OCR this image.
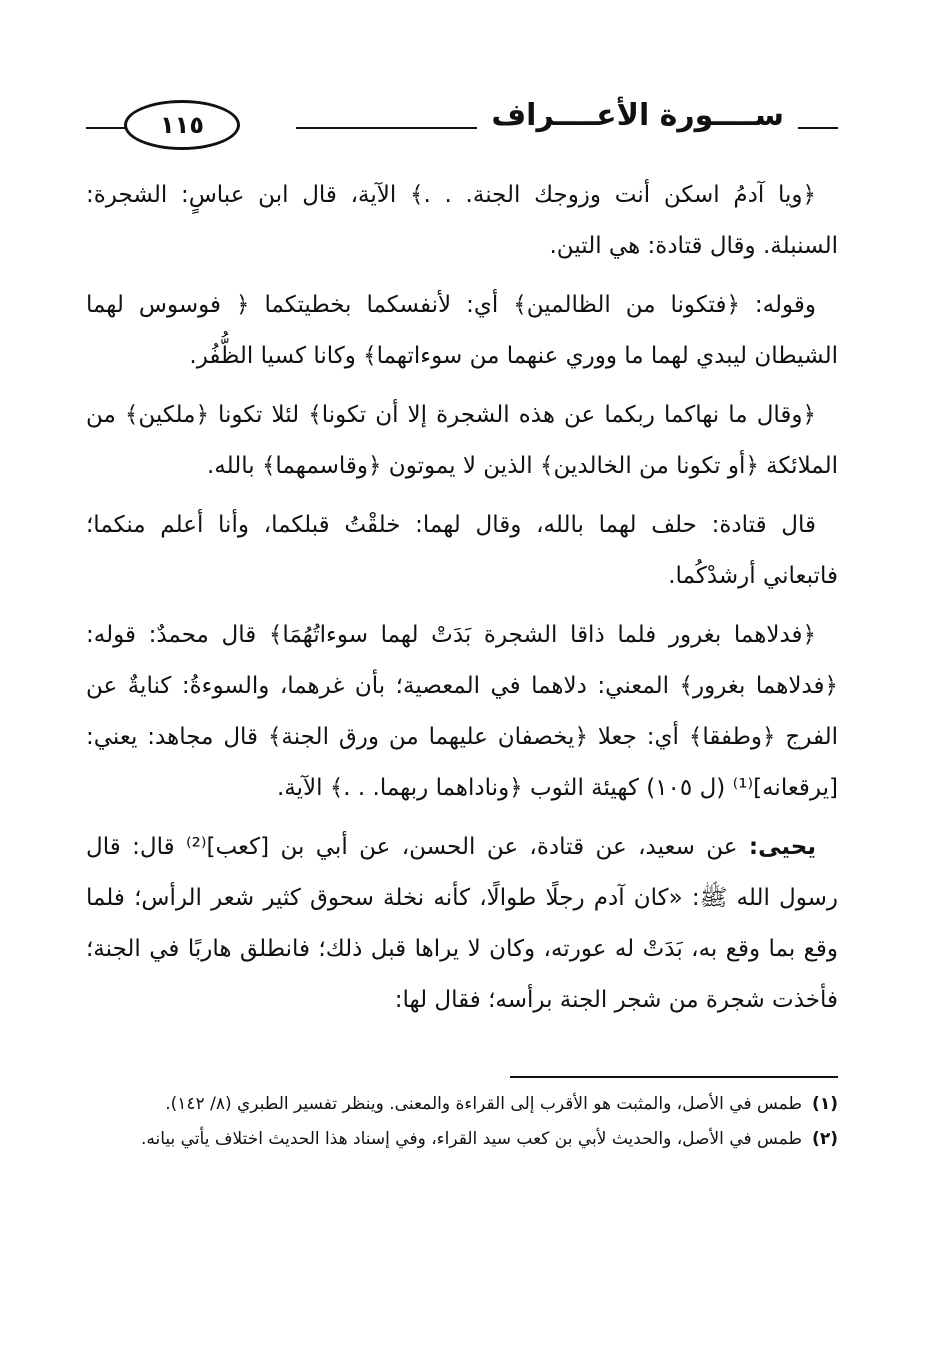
١١٥	ســــورة الأعــــراف

﴿ويا آدمُ اسكن أنت وزوجك الجنة. . .﴾ الآية، قال ابن عباسٍ: الشجرة: السنبلة. وقال قتادة: هي التين.

وقوله: ﴿فتكونا من الظالمين﴾ أي: لأنفسكما بخطيتكما ﴿ فوسوس لهما الشيطان ليبدي لهما ما ووري عنهما من سوءاتهما﴾ وكانا كسيا الظُّفُر.

﴿وقال ما نهاكما ربكما عن هذه الشجرة إلا أن تكونا﴾ لئلا تكونا ﴿ملكين﴾ من الملائكة ﴿أو تكونا من الخالدين﴾ الذين لا يموتون ﴿وقاسمهما﴾ بالله.

قال قتادة: حلف لهما بالله، وقال لهما: خلقْتُ قبلكما، وأنا أعلم منكما؛ فاتبعاني أرشدْكُما.

﴿فدلاهما بغرور فلما ذاقا الشجرة بَدَتْ لهما سوءاتُهُمَا﴾ قال محمدٌ: قوله: ﴿فدلاهما بغرور﴾ المعني: دلاهما في المعصية؛ بأن غرهما، والسوءةُ: كنايةٌ عن الفرج ﴿وطفقا﴾ أي: جعلا ﴿يخصفان عليهما من ورق الجنة﴾ قال مجاهد: يعني: [يرقعانه]⁽¹⁾ (ل ١٠٥) كهيئة الثوب ﴿وناداهما ربهما. . .﴾ الآية.

يحيى: عن سعيد، عن قتادة، عن الحسن، عن أبي بن [كعب]⁽²⁾ قال: قال رسول الله ﷺ: «كان آدم رجلًا طوالًا، كأنه نخلة سحوق كثير شعر الرأس؛ فلما وقع بما وقع به، بَدَتْ له عورته، وكان لا يراها قبل ذلك؛ فانطلق هاربًا في الجنة؛ فأخذت شجرة من شجر الجنة برأسه؛ فقال لها:

(١)طمس في الأصل، والمثبت هو الأقرب إلى القراءة والمعنى. وينظر تفسير الطبري (٨/ ١٤٢).
(٢)طمس في الأصل، والحديث لأبي بن كعب سيد القراء، وفي إسناد هذا الحديث اختلاف يأتي بيانه.
